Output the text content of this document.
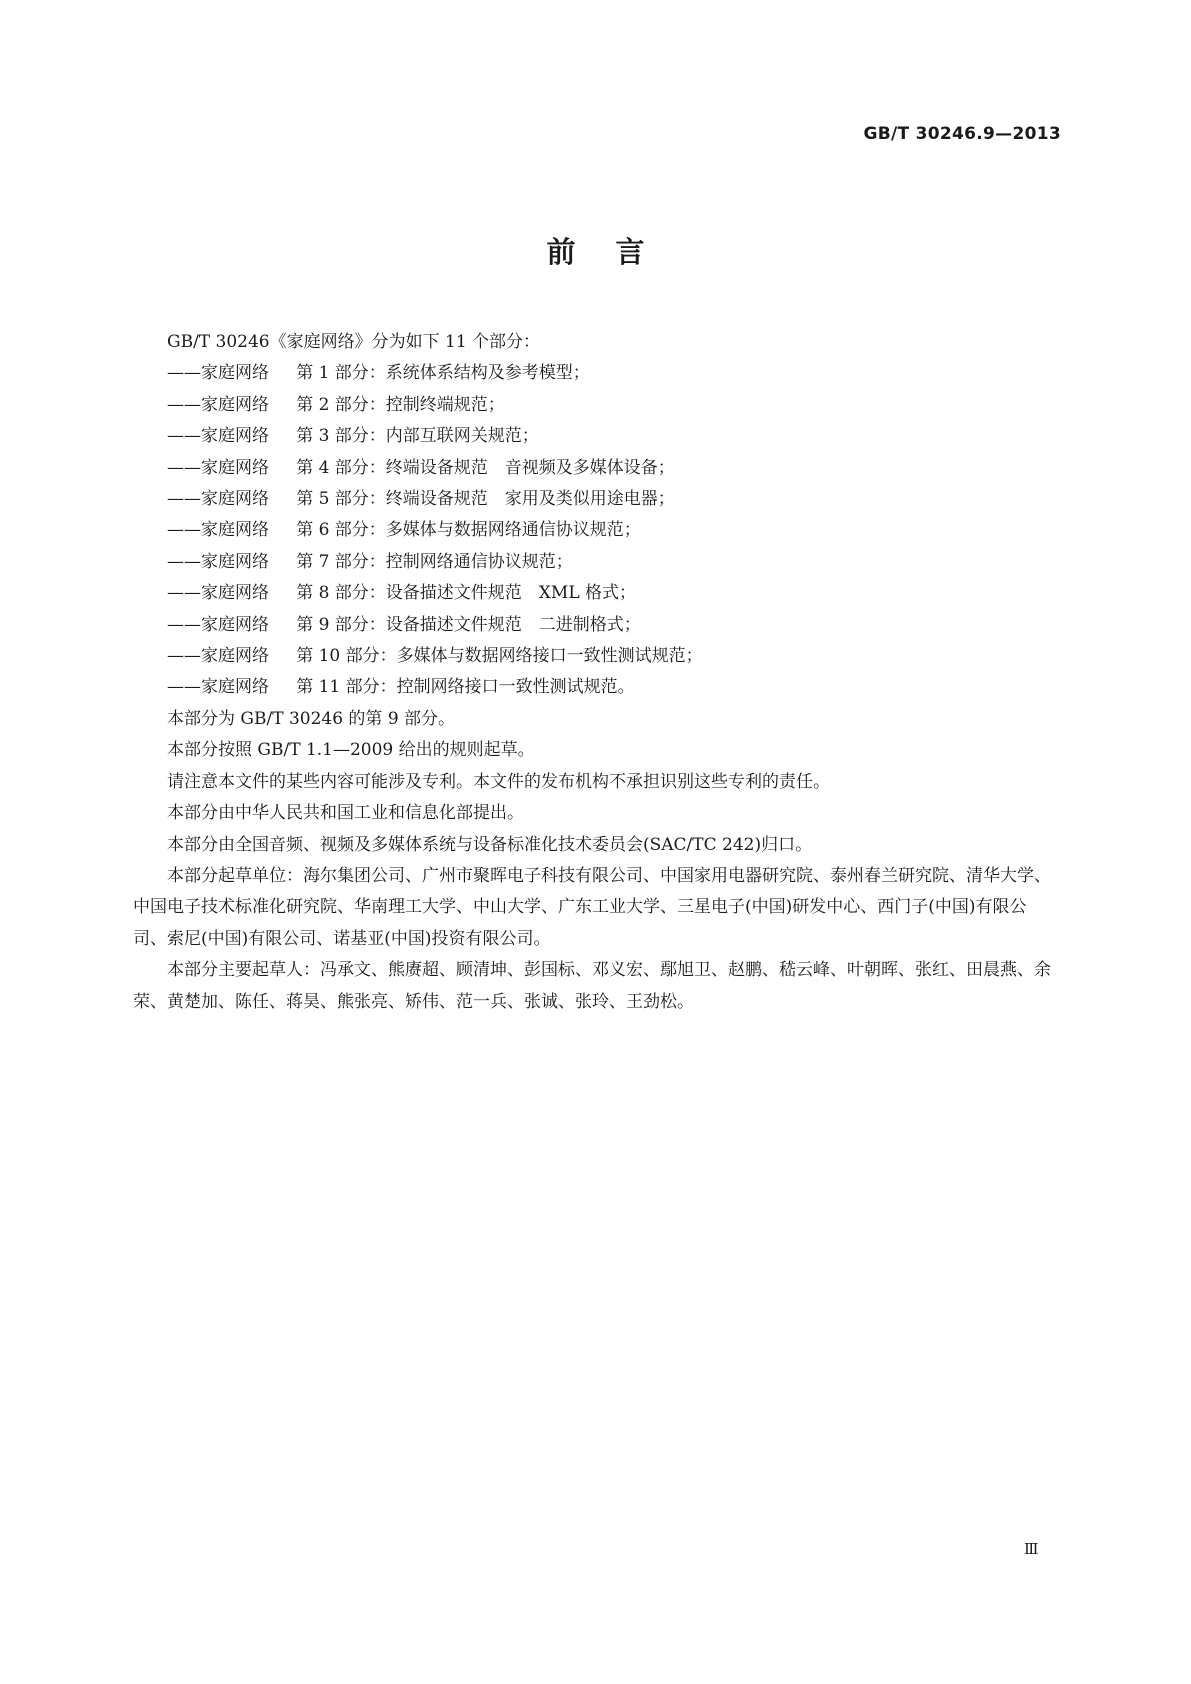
GB/T 30246.9—2013
前言

GB/T 30246《家庭网络》分为如下 11 个部分：

——家庭网络 第 1 部分：系统体系结构及参考模型；

——家庭网络 第 2 部分：控制终端规范；

——家庭网络 第 3 部分：内部互联网关规范；

——家庭网络 第 4 部分：终端设备规范　音视频及多媒体设备；

——家庭网络 第 5 部分：终端设备规范　家用及类似用途电器；

——家庭网络 第 6 部分：多媒体与数据网络通信协议规范；

——家庭网络 第 7 部分：控制网络通信协议规范；

——家庭网络 第 8 部分：设备描述文件规范　XML 格式；

——家庭网络 第 9 部分：设备描述文件规范　二进制格式；

——家庭网络 第 10 部分：多媒体与数据网络接口一致性测试规范；

——家庭网络 第 11 部分：控制网络接口一致性测试规范。

本部分为 GB/T 30246 的第 9 部分。

本部分按照 GB/T 1.1—2009 给出的规则起草。

请注意本文件的某些内容可能涉及专利。本文件的发布机构不承担识别这些专利的责任。

本部分由中华人民共和国工业和信息化部提出。

本部分由全国音频、视频及多媒体系统与设备标准化技术委员会(SAC/TC 242)归口。

本部分起草单位：海尔集团公司、广州市聚晖电子科技有限公司、中国家用电器研究院、泰州春兰研究院、清华大学、中国电子技术标准化研究院、华南理工大学、中山大学、广东工业大学、三星电子(中国)研发中心、西门子(中国)有限公司、索尼(中国)有限公司、诺基亚(中国)投资有限公司。

本部分主要起草人：冯承文、熊赓超、顾清坤、彭国标、邓义宏、鄢旭卫、赵鹏、嵇云峰、叶朝晖、张红、田晨燕、余荣、黄楚加、陈任、蒋昊、熊张亮、矫伟、范一兵、张诚、张玲、王劲松。

Ⅲ
